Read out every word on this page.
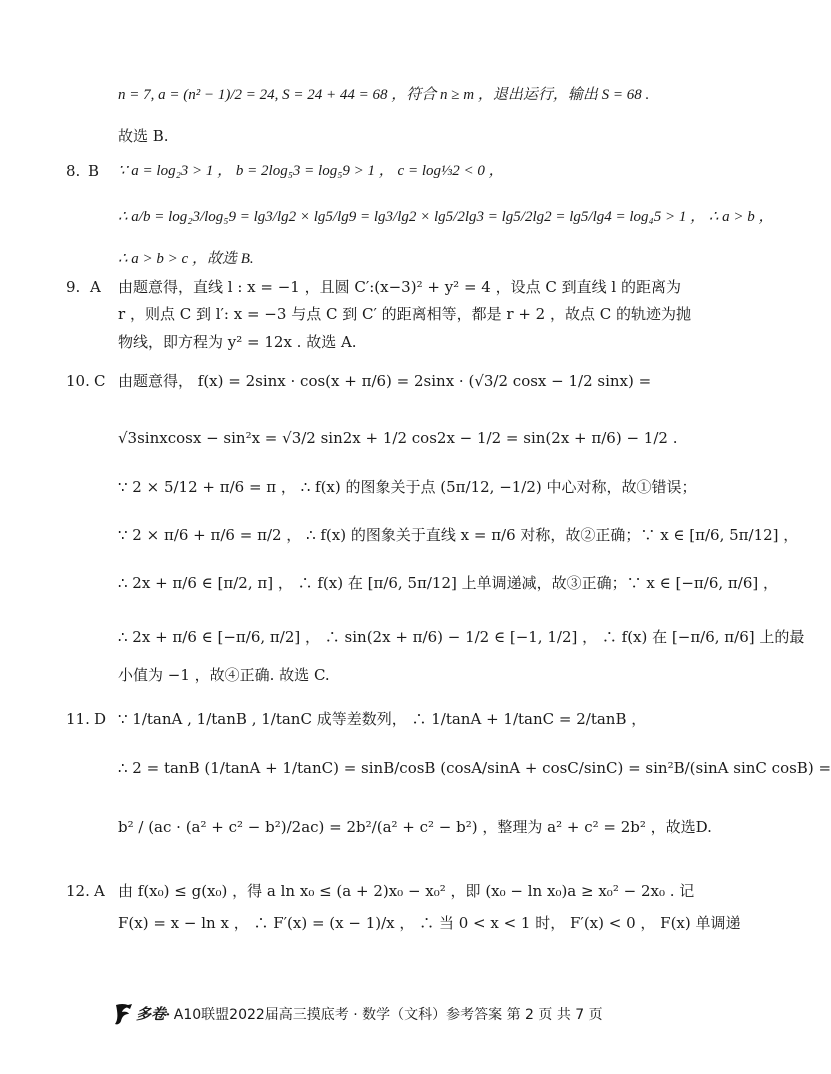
n = 7, a = (n² − 1)/2 = 24, S = 24 + 44 = 68 ，符合 n ≥ m ，退出运行，输出 S = 68 .
故选 B.
8. B ∵ a = log₂3 > 1 ， b = 2log₅3 = log₅9 > 1 ， c = log⅓2 < 0 ，
∴ a/b = log₂3/log₅9 = lg3/lg2 × lg5/lg9 = lg3/lg2 × lg5/2lg3 = lg5/2lg2 = lg5/lg4 = log₄5 > 1 ， ∴ a > b ，
∴ a > b > c ，故选 B.
9. A 由题意得，直线 l : x = −1 ，且圆 C′:(x−3)² + y² = 4 ，设点 C 到直线 l 的距离为
r ，则点 C 到 l′: x = −3 与点 C 到 C′ 的距离相等，都是 r + 2 ，故点 C 的轨迹为抛
物线，即方程为 y² = 12x . 故选 A.
10. C 由题意得， f(x) = 2sinx · cos(x + π/6) = 2sinx · (√3/2 cosx − 1/2 sinx) =
√3sinxcosx − sin²x = √3/2 sin2x + 1/2 cos2x − 1/2 = sin(2x + π/6) − 1/2 .
∵ 2 × 5/12 + π/6 = π ， ∴ f(x) 的图象关于点 (5π/12, −1/2) 中心对称，故①错误；
∵ 2 × π/6 + π/6 = π/2 ， ∴ f(x) 的图象关于直线 x = π/6 对称，故②正确；∵ x ∈ [π/6, 5π/12] ，
∴ 2x + π/6 ∈ [π/2, π] ， ∴ f(x) 在 [π/6, 5π/12] 上单调递减，故③正确；∵ x ∈ [−π/6, π/6] ，
∴ 2x + π/6 ∈ [−π/6, π/2] ， ∴ sin(2x + π/6) − 1/2 ∈ [−1, 1/2] ， ∴ f(x) 在 [−π/6, π/6] 上的最
小值为 −1 ，故④正确. 故选 C.
11. D ∵ 1/tanA , 1/tanB , 1/tanC 成等差数列， ∴ 1/tanA + 1/tanC = 2/tanB ，
∴ 2 = tanB (1/tanA + 1/tanC) = sinB/cosB (cosA/sinA + cosC/sinC) = sin²B/(sinA sinC cosB) =
b² / (ac · (a² + c² − b²)/2ac) = 2b²/(a² + c² − b²) ，整理为 a² + c² = 2b² ，故选D.
12. A 由 f(x₀) ≤ g(x₀) ，得 a ln x₀ ≤ (a + 2)x₀ − x₀² ，即 (x₀ − ln x₀)a ≥ x₀² − 2x₀ . 记
F(x) = x − ln x ， ∴ F′(x) = (x − 1)/x ， ∴ 当 0 < x < 1 时， F′(x) < 0 ， F(x) 单调递
多卷· A10联盟2022届高三摸底考 · 数学（文科）参考答案 第 2 页 共 7 页
